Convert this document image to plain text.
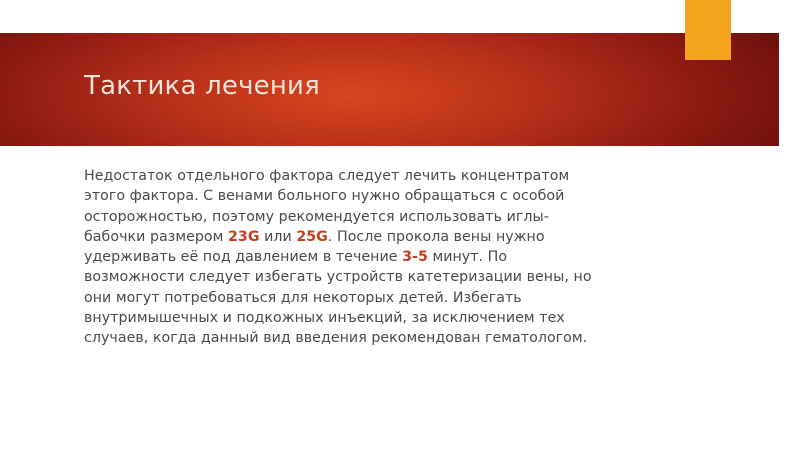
Тактика лечения
Недостаток отдельного фактора следует лечить концентратом
этого фактора. С венами больного нужно обращаться с особой
осторожностью, поэтому рекомендуется использовать иглы-
бабочки размером 23G или 25G. После прокола вены нужно
удерживать её под давлением в течение 3-5 минут. По
возможности следует избегать устройств катетеризации вены, но
они могут потребоваться для некоторых детей. Избегать
внутримышечных и подкожных инъекций, за исключением тех
случаев, когда данный вид введения рекомендован гематологом.
